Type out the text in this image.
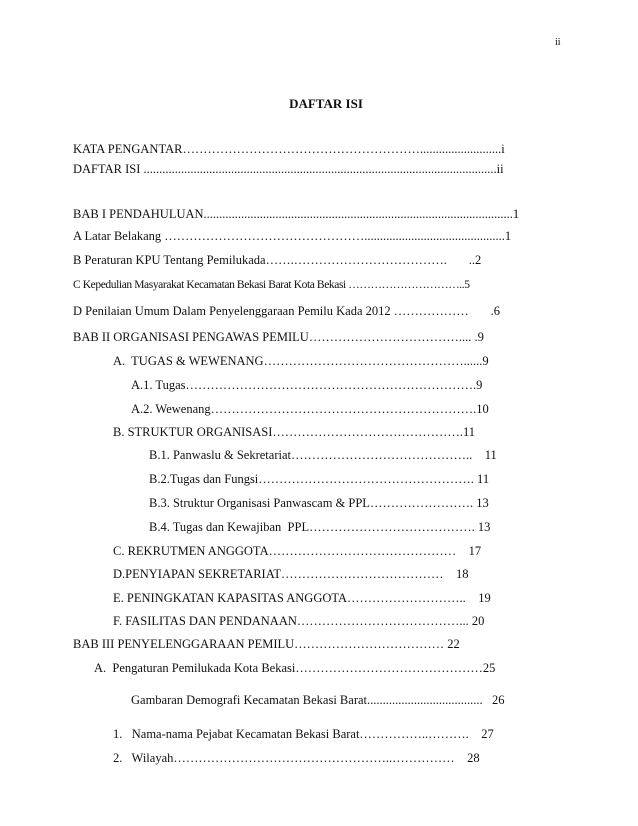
ii
DAFTAR ISI
KATA PENGANTAR…………………………………………………..........................i
DAFTAR ISI .................................................................................................................ii
BAB I PENDAHULUAN...................................................................................................1
A Latar Belakang ………………………………………….............................................1
B Peraturan KPU Tentang Pemilukada…….……………………………….       ..2
C Kepedulian Masyarakat Kecamatan Bekasi Barat Kota Bekasi …………………………..5
D Penilaian Umum Dalam Penyelenggaraan Pemilu Kada 2012 ………………       .6
BAB II ORGANISASI PENGAWAS PEMILU……………………………….... .9
A.  TUGAS & WEWENANG…………………………………………......9
A.1. Tugas…………………………………………………………….9
A.2. Wewenang……………………………………………………….10
B. STRUKTUR ORGANISASI……………………………………….11
B.1. Panwaslu & Sekretariat……………………………………..    11
B.2.Tugas dan Fungsi……………………………………………. 11
B.3. Struktur Organisasi Panwascam & PPL……………………. 13
B.4. Tugas dan Kewajiban  PPL…………………………………. 13
C. REKRUTMEN ANGGOTA………………………………………    17
D.PENYIAPAN SEKRETARIAT…………………………………    18
E. PENINGKATAN KAPASITAS ANGGOTA………………………..    19
F. FASILITAS DAN PENDANAAN…………………………………... 20
BAB III PENYELENGGARAAN PEMILU……………………………… 22
A.  Pengaturan Pemilukada Kota Bekasi………………………………………25
Gambaran Demografi Kecamatan Bekasi Barat.....................................   26
1.   Nama-nama Pejabat Kecamatan Bekasi Barat……………..……….    27
2.   Wilayah……………………………………………..……………    28
